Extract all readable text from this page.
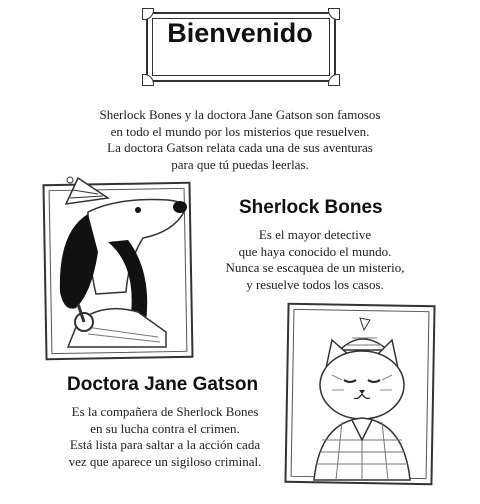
Bienvenido

Sherlock Bones y la doctora Jane Gatson son famosos
en todo el mundo por los misterios que resuelven.
La doctora Gatson relata cada una de sus aventuras
para que tú puedas leerlas.

Sherlock Bones

Es el mayor detective
que haya conocido el mundo.
Nunca se escaquea de un misterio,
y resuelve todos los casos.

Doctora Jane Gatson

Es la compañera de Sherlock Bones
en su lucha contra el crimen.
Está lista para saltar a la acción cada
vez que aparece un sigiloso criminal.
